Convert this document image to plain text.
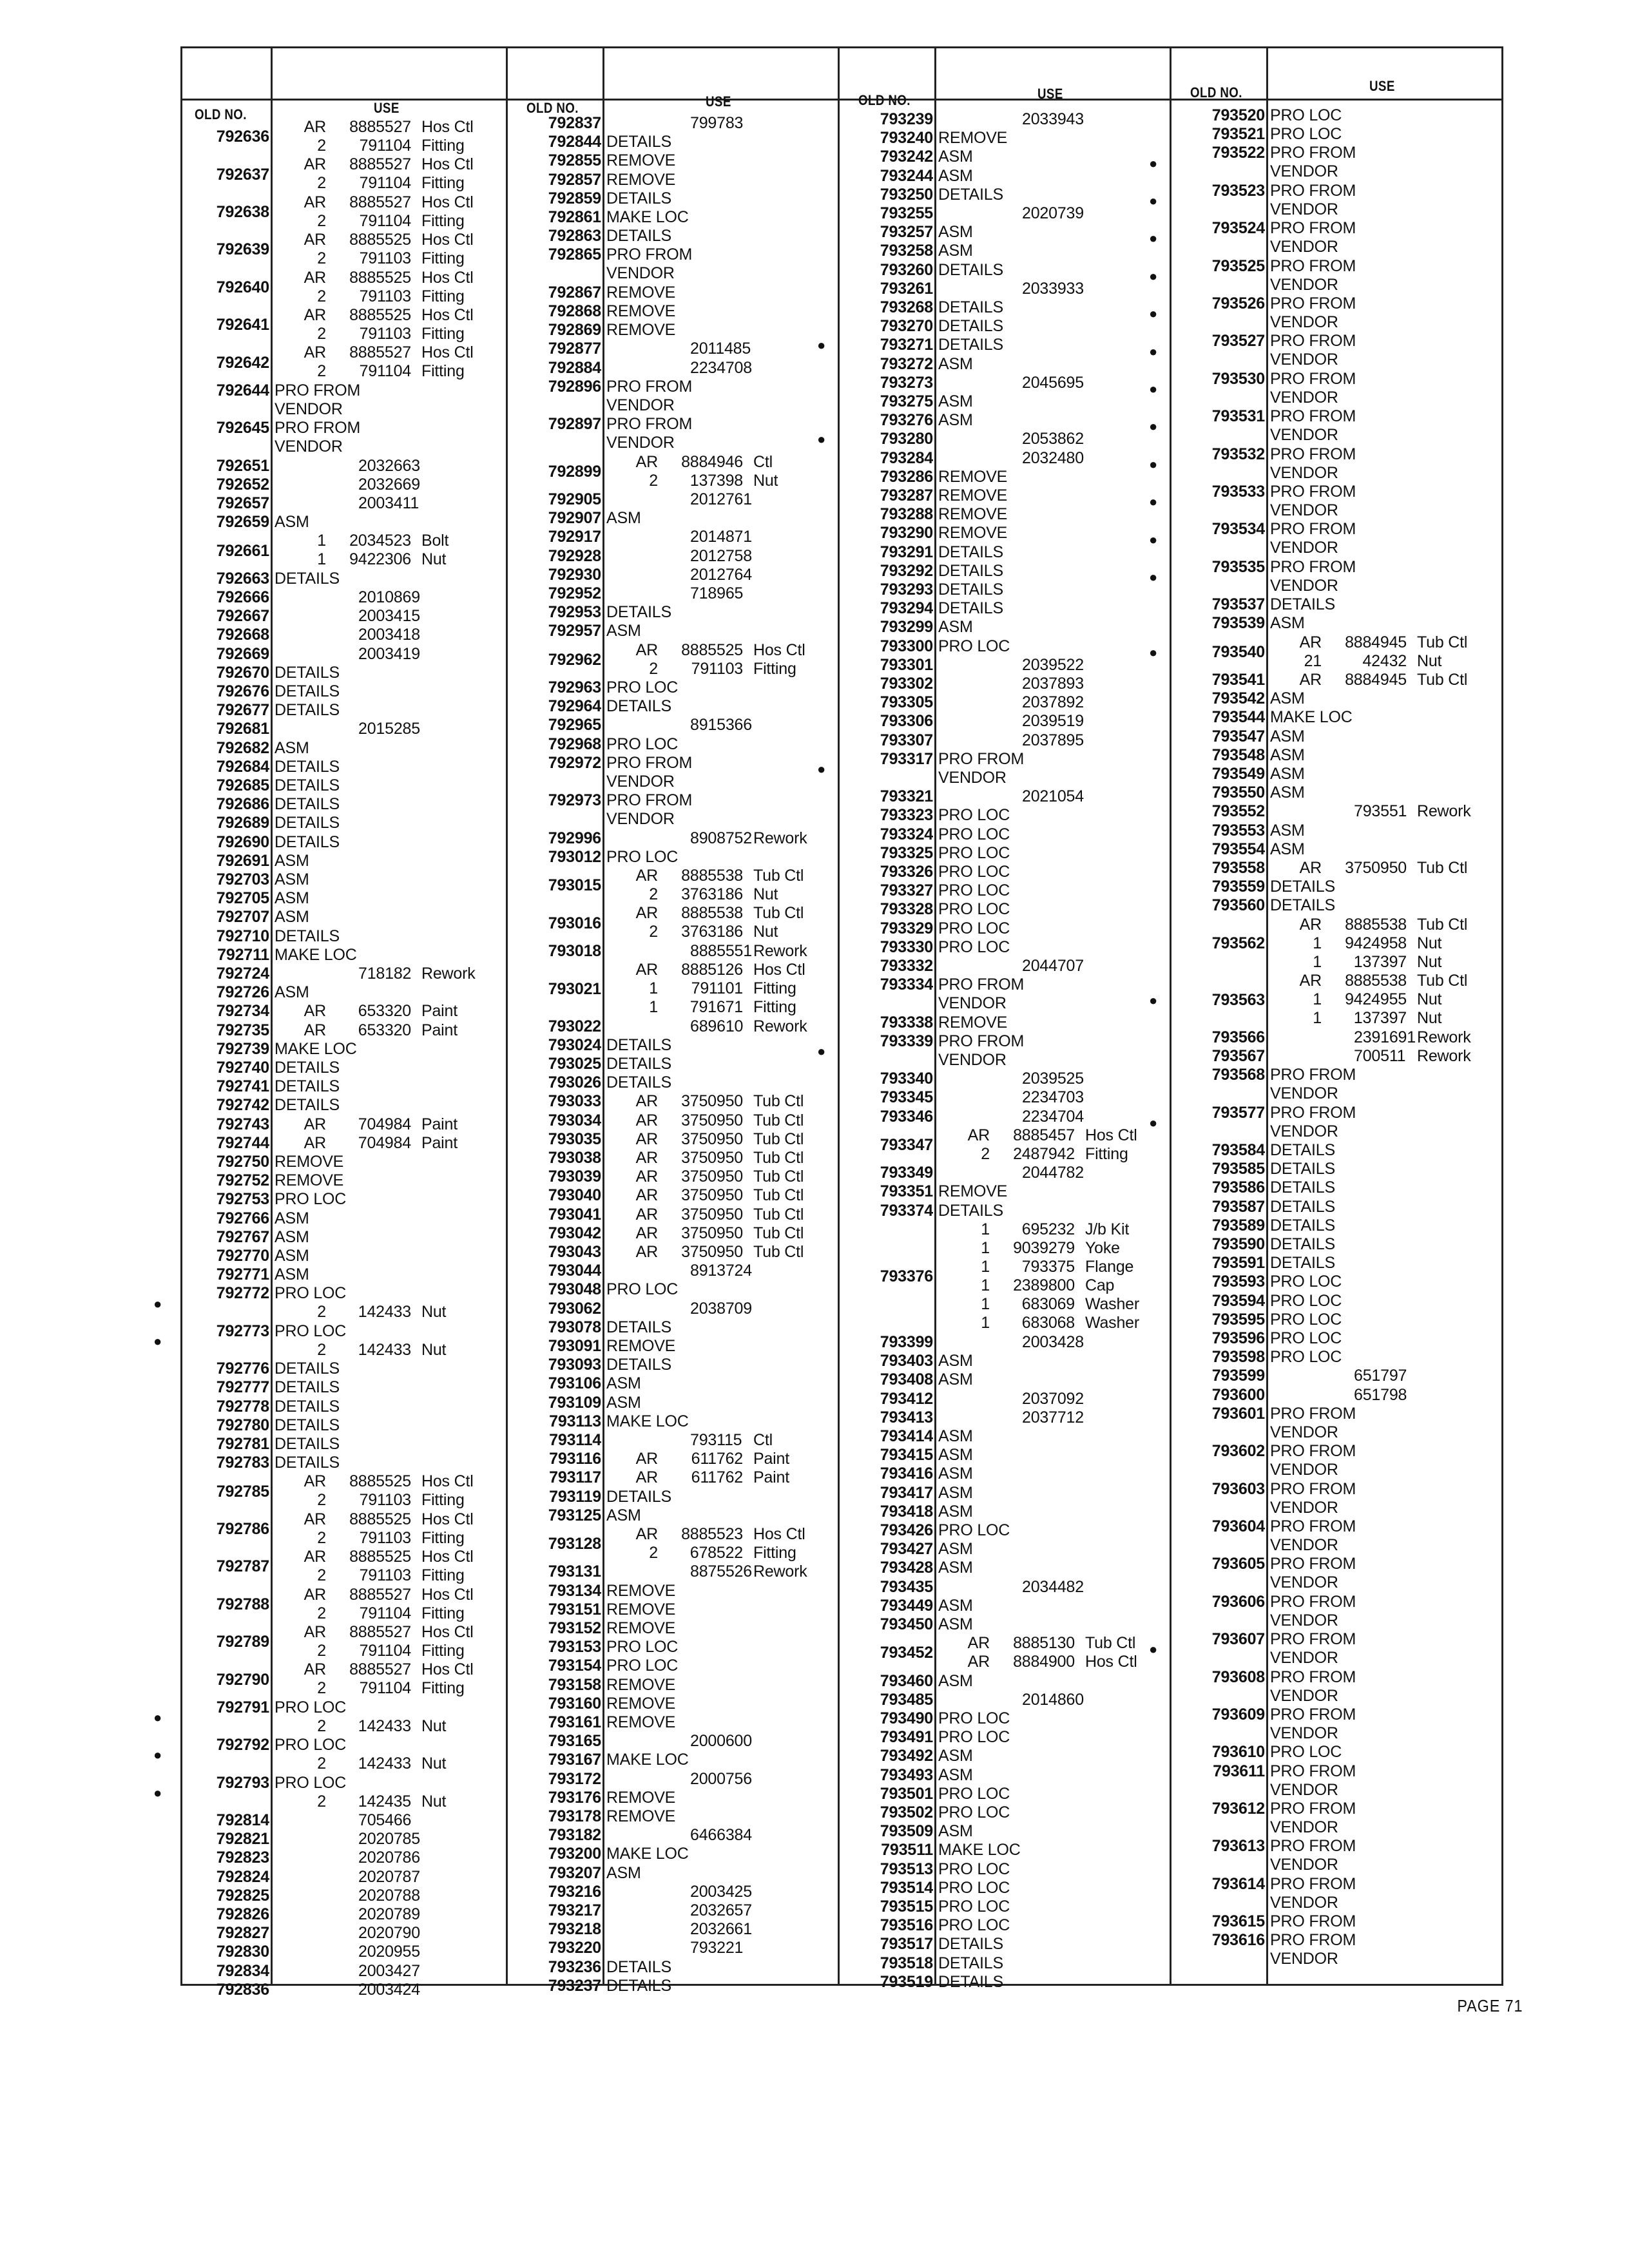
OLD NO.	USE	OLD NO.	USE	OLD NO.	USE	OLD NO.	USE
792636
AR	8885527 Hos Ctl
2	791104 Fitting
792637
AR	8885527 Hos Ctl
2	791104 Fitting
792638
AR	8885527 Hos Ctl
2	791104 Fitting
792639
AR	8885525 Hos Ctl
2	791103 Fitting
792640
AR	8885525 Hos Ctl
2	791103 Fitting
792641
AR	8885525 Hos Ctl
2	791103 Fitting
792642
AR	8885527 Hos Ctl
2	791104 Fitting
792644 PRO FROM
VENDOR
792645 PRO FROM
VENDOR
792651	2032663
792652	2032669
792657	2003411
792659 ASM
792661
1	2034523 Bolt
1	9422306 Nut
792663 DETAILS
792666	2010869
792667	2003415
792668	2003418
792669	2003419
792670 DETAILS
792676 DETAILS
792677 DETAILS
792681	2015285
792682 ASM
792684 DETAILS
792685 DETAILS
792686 DETAILS
792689 DETAILS
792690 DETAILS
792691 ASM
792703 ASM
792705 ASM
792707 ASM
792710 DETAILS
792711 MAKE LOC
792724	718182 Rework
792726 ASM
792734	AR	653320 Paint
792735	AR	653320 Paint
792739 MAKE LOC
792740 DETAILS
792741 DETAILS
792742 DETAILS
792743	AR	704984 Paint
792744	AR	704984 Paint
792750 REMOVE
792752 REMOVE
792753 PRO LOC
792766 ASM
792767 ASM
792770 ASM
792771 ASM
●
792772 PRO LOC
2	142433 Nut
●
792773 PRO LOC
2	142433 Nut
792776 DETAILS
792777 DETAILS
792778 DETAILS
792780 DETAILS
792781 DETAILS
792783 DETAILS
792785
AR	8885525 Hos Ctl
2	791103 Fitting
792786
AR	8885525 Hos Ctl
2	791103 Fitting
792787
AR	8885525 Hos Ctl
2	791103 Fitting
792788
AR	8885527 Hos Ctl
2	791104 Fitting
792789
AR	8885527 Hos Ctl
2	791104 Fitting
792790
AR	8885527 Hos Ctl
2	791104 Fitting
●
792791 PRO LOC
2	142433 Nut
●
792792 PRO LOC
2	142433 Nut
●
792793 PRO LOC
2	142435 Nut
792814	705466
792821	2020785
792823	2020786
792824	2020787
792825	2020788
792826	2020789
792827	2020790
792830	2020955
792834	2003427
792836	2003424
792837	799783
792844 DETAILS
792855 REMOVE
792857 REMOVE
792859 DETAILS
792861 MAKE LOC
792863 DETAILS
792865 PRO FROM
VENDOR
792867 REMOVE
792868 REMOVE
792869 REMOVE
792877	2011485
792884	2234708
792896 PRO FROM
VENDOR
792897 PRO FROM
VENDOR
792899
AR	8884946 Ctl
2	137398 Nut
792905	2012761
792907 ASM
792917	2014871
792928	2012758
792930	2012764
792952	718965
792953 DETAILS
792957 ASM
792962
AR	8885525 Hos Ctl
2	791103 Fitting
792963 PRO LOC
792964 DETAILS
792965	8915366
792968 PRO LOC
792972 PRO FROM
VENDOR
792973 PRO FROM
VENDOR
792996	8908752 Rework
793012 PRO LOC
793015
AR	8885538 Tub Ctl
2	3763186 Nut
793016
AR	8885538 Tub Ctl
2	3763186 Nut
793018	8885551 Rework
793021
AR	8885126 Hos Ctl
1	791101 Fitting
1	791671 Fitting
793022	689610 Rework
793024 DETAILS
793025 DETAILS
793026 DETAILS
793033	AR	3750950 Tub Ctl
793034	AR	3750950 Tub Ctl
793035	AR	3750950 Tub Ctl
793038	AR	3750950 Tub Ctl
793039	AR	3750950 Tub Ctl
793040	AR	3750950 Tub Ctl
793041	AR	3750950 Tub Ctl
793042	AR	3750950 Tub Ctl
793043	AR	3750950 Tub Ctl
793044	8913724
793048 PRO LOC
793062	2038709
793078 DETAILS
793091 REMOVE
793093 DETAILS
793106 ASM
793109 ASM
793113 MAKE LOC
793114	793115 Ctl
793116	AR	611762 Paint
793117	AR	611762 Paint
793119 DETAILS
793125 ASM
793128
AR	8885523 Hos Ctl
2	678522 Fitting
793131	8875526 Rework
793134 REMOVE
793151 REMOVE
793152 REMOVE
793153 PRO LOC
793154 PRO LOC
793158 REMOVE
793160 REMOVE
793161 REMOVE
793165	2000600
793167 MAKE LOC
793172	2000756
793176 REMOVE
793178 REMOVE
793182	6466384
793200 MAKE LOC
793207 ASM
793216	2003425
793217	2032657
793218	2032661
793220	793221
793236 DETAILS
793237 DETAILS
793239	2033943
793240 REMOVE
793242 ASM
793244 ASM
793250 DETAILS
793255	2020739
793257 ASM
793258 ASM
793260 DETAILS
793261	2033933
793268 DETAILS
793270 DETAILS
●	793271 DETAILS
793272 ASM
793273	2045695
793275 ASM
793276 ASM
●	793280	2053862
793284	2032480
793286 REMOVE
793287 REMOVE
793288 REMOVE
793290 REMOVE
793291 DETAILS
793292 DETAILS
793293 DETAILS
793294 DETAILS
793299 ASM
793300 PRO LOC
793301	2039522
793302	2037893
793305	2037892
793306	2039519
793307	2037895
●
793317 PRO FROM
VENDOR
793321	2021054
793323 PRO LOC
793324 PRO LOC
793325 PRO LOC
793326 PRO LOC
793327 PRO LOC
793328 PRO LOC
793329 PRO LOC
793330 PRO LOC
793332	2044707
793334 PRO FROM
VENDOR
793338 REMOVE
●
793339 PRO FROM
VENDOR
793340	2039525
793345	2234703
793346	2234704
793347
AR	8885457 Hos Ctl
2	2487942 Fitting
793349	2044782
793351 REMOVE
793374 DETAILS
793376
1	695232 J/b Kit
1	9039279 Yoke
1	793375 Flange
1	2389800 Cap
1	683069 Washer
1	683068 Washer
793399	2003428
793403 ASM
793408 ASM
793412	2037092
793413	2037712
793414 ASM
793415 ASM
793416 ASM
793417 ASM
793418 ASM
793426 PRO LOC
793427 ASM
793428 ASM
793435	2034482
793449 ASM
793450 ASM
793452
AR	8885130 Tub Ctl
AR	8884900 Hos Ctl
793460 ASM
793485	2014860
793490 PRO LOC
793491 PRO LOC
793492 ASM
793493 ASM
793501 PRO LOC
793502 PRO LOC
793509 ASM
793511 MAKE LOC
793513 PRO LOC
793514 PRO LOC
793515 PRO LOC
793516 PRO LOC
793517 DETAILS
793518 DETAILS
793519 DETAILS
793520 PRO LOC
793521 PRO LOC
●
793522 PRO FROM
VENDOR
●
793523 PRO FROM
VENDOR
●
793524 PRO FROM
VENDOR
●
793525 PRO FROM
VENDOR
●
793526 PRO FROM
VENDOR
●
793527 PRO FROM
VENDOR
●
793530 PRO FROM
VENDOR
●
793531 PRO FROM
VENDOR
●
793532 PRO FROM
VENDOR
●
793533 PRO FROM
VENDOR
●
793534 PRO FROM
VENDOR
●
793535 PRO FROM
VENDOR
793537 DETAILS
793539 ASM
●	793540
AR	8884945 Tub Ctl
21	42432 Nut
793541	AR	8884945 Tub Ctl
793542 ASM
793544 MAKE LOC
793547 ASM
793548 ASM
793549 ASM
793550 ASM
793552	793551 Rework
793553 ASM
793554 ASM
793558	AR	3750950 Tub Ctl
793559 DETAILS
793560 DETAILS
793562
AR	8885538 Tub Ctl
1	9424958 Nut
1	137397 Nut
●	793563
AR	8885538 Tub Ctl
1	9424955 Nut
1	137397 Nut
793566	2391691 Rework
793567	700511 Rework
793568 PRO FROM
VENDOR
●
793577 PRO FROM
VENDOR
793584 DETAILS
793585 DETAILS
793586 DETAILS
793587 DETAILS
793589 DETAILS
793590 DETAILS
793591 DETAILS
793593 PRO LOC
793594 PRO LOC
793595 PRO LOC
793596 PRO LOC
793598 PRO LOC
793599	651797
793600	651798
793601 PRO FROM
VENDOR
793602 PRO FROM
VENDOR
793603 PRO FROM
VENDOR
793604 PRO FROM
VENDOR
793605 PRO FROM
VENDOR
793606 PRO FROM
VENDOR
●
793607 PRO FROM
VENDOR
793608 PRO FROM
VENDOR
793609 PRO FROM
VENDOR
793610 PRO LOC
793611 PRO FROM
VENDOR
793612 PRO FROM
VENDOR
793613 PRO FROM
VENDOR
793614 PRO FROM
VENDOR
793615 PRO FROM
793616 PRO FROM
VENDOR
PAGE 71
